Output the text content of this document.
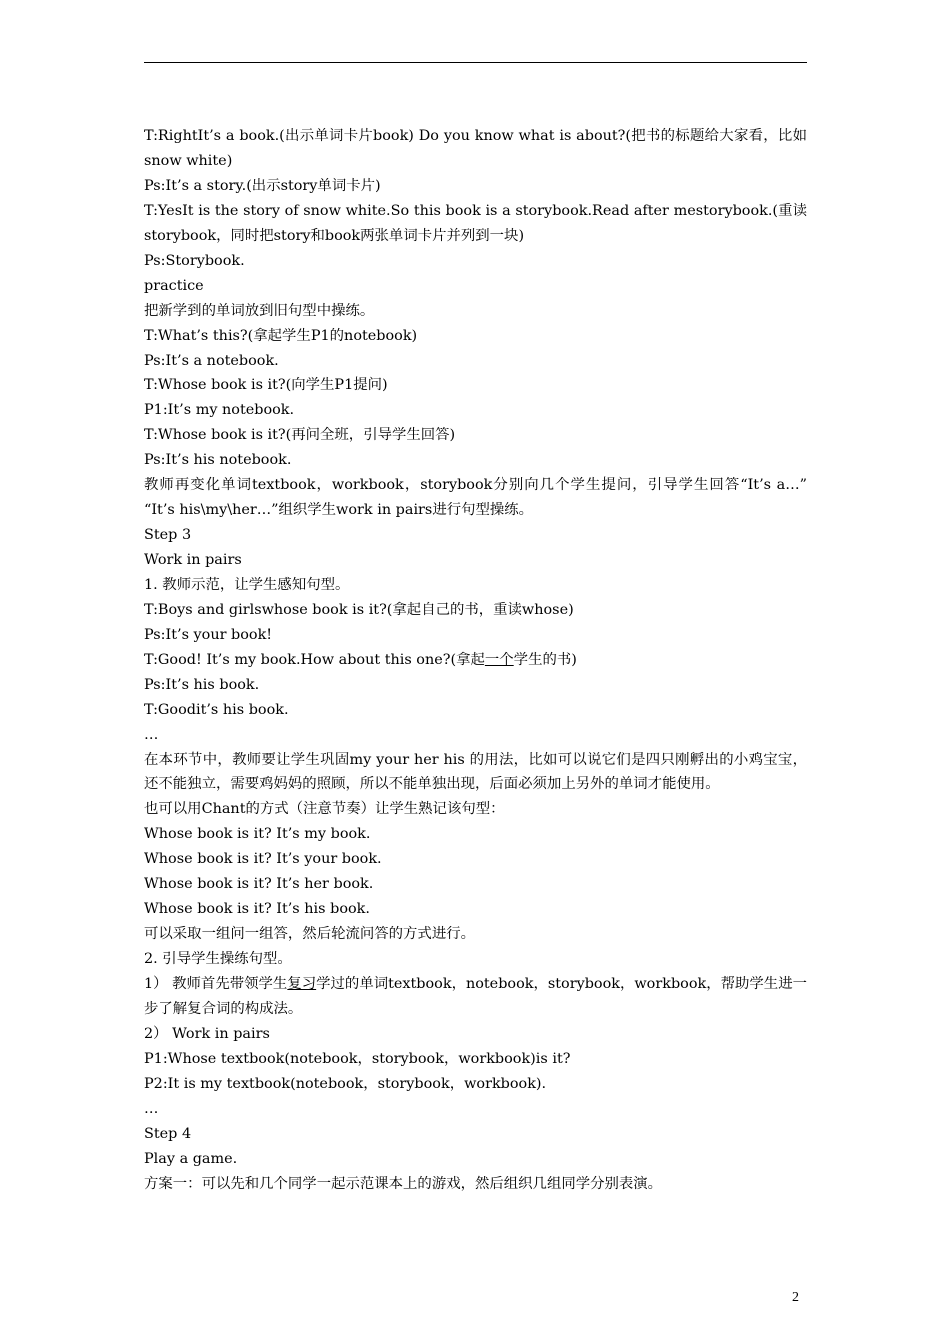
T:RightIt’s a book.(出示单词卡片book) Do you know what is about?(把书的标题给大家看，比如 snow white)
Ps:It’s a story.(出示story单词卡片)
T:YesIt is the story of snow white.So this book is a storybook.Read after mestorybook.(重读storybook，同时把story和book两张单词卡片并列到一块)
Ps:Storybook.
practice
把新学到的单词放到旧句型中操练。
T:What’s this?(拿起学生P1的notebook)
Ps:It’s a notebook.
T:Whose book is it?(向学生P1提问)
P1:It’s my notebook.
T:Whose book is it?(再问全班，引导学生回答)
Ps:It’s his notebook.
教师再变化单词textbook，workbook，storybook分别向几个学生提问，引导学生回答“It’s a…” “It’s his\my\her…”组织学生work in pairs进行句型操练。
Step 3
Work in pairs
1. 教师示范，让学生感知句型。
T:Boys and girlswhose book is it?(拿起自己的书，重读whose)
Ps:It’s your book!
T:Good! It’s my book.How about this one?(拿起一个学生的书)
Ps:It’s his book.
T:Goodit’s his book.
…
在本环节中，教师要让学生巩固my your her his 的用法，比如可以说它们是四只刚孵出的小鸡宝宝，还不能独立，需要鸡妈妈的照顾，所以不能单独出现，后面必须加上另外的单词才能使用。
也可以用Chant的方式（注意节奏）让学生熟记该句型：
Whose book is it? It’s my book.
Whose book is it? It’s your book.
Whose book is it? It’s her book.
Whose book is it? It’s his book.
可以采取一组问一组答，然后轮流问答的方式进行。
2. 引导学生操练句型。
1） 教师首先带领学生复习学过的单词textbook，notebook，storybook，workbook，帮助学生进一步了解复合词的构成法。
2） Work in pairs
P1:Whose textbook(notebook，storybook，workbook)is it?
P2:It is my textbook(notebook，storybook，workbook).
…
Step 4
Play a game.
方案一：可以先和几个同学一起示范课本上的游戏，然后组织几组同学分别表演。
2
